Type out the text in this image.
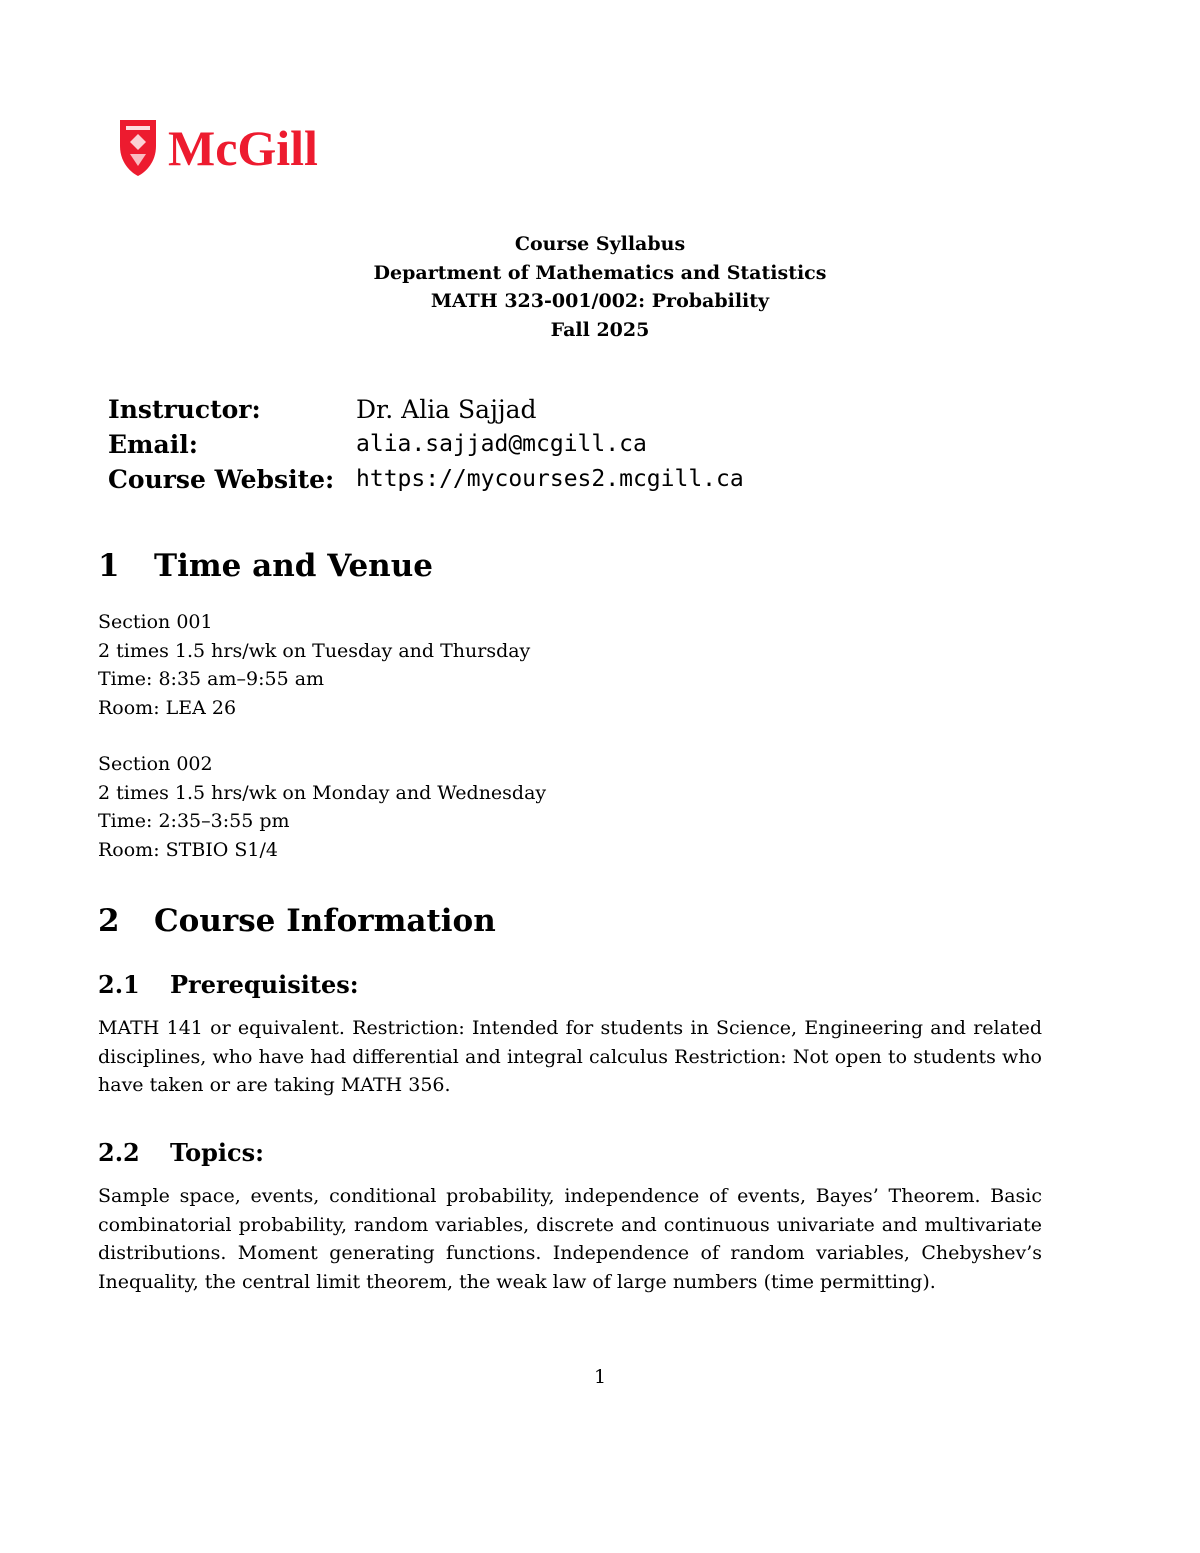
McGill
Course Syllabus
Department of Mathematics and Statistics
MATH 323-001/002: Probability
Fall 2025
Instructor:	Dr. Alia Sajjad
Email:	alia.sajjad@mcgill.ca
Course Website: https://mycourses2.mcgill.ca
1 Time and Venue
Section 001
2 times 1.5 hrs/wk on Tuesday and Thursday
Time: 8:35 am–9:55 am
Room: LEA 26
Section 002
2 times 1.5 hrs/wk on Monday and Wednesday
Time: 2:35–3:55 pm
Room: STBIO S1/4
2 Course Information
2.1 Prerequisites:
MATH 141 or equivalent. Restriction: Intended for students in Science, Engineering and related disciplines, who have had differential and integral calculus Restriction: Not open to students who have taken or are taking MATH 356.
2.2 Topics:
Sample space, events, conditional probability, independence of events, Bayes’ Theorem. Basic combinatorial probability, random variables, discrete and continuous univariate and multivariate distributions. Moment generating functions. Independence of random variables, Chebyshev’s Inequality, the central limit theorem, the weak law of large numbers (time permitting).
1
